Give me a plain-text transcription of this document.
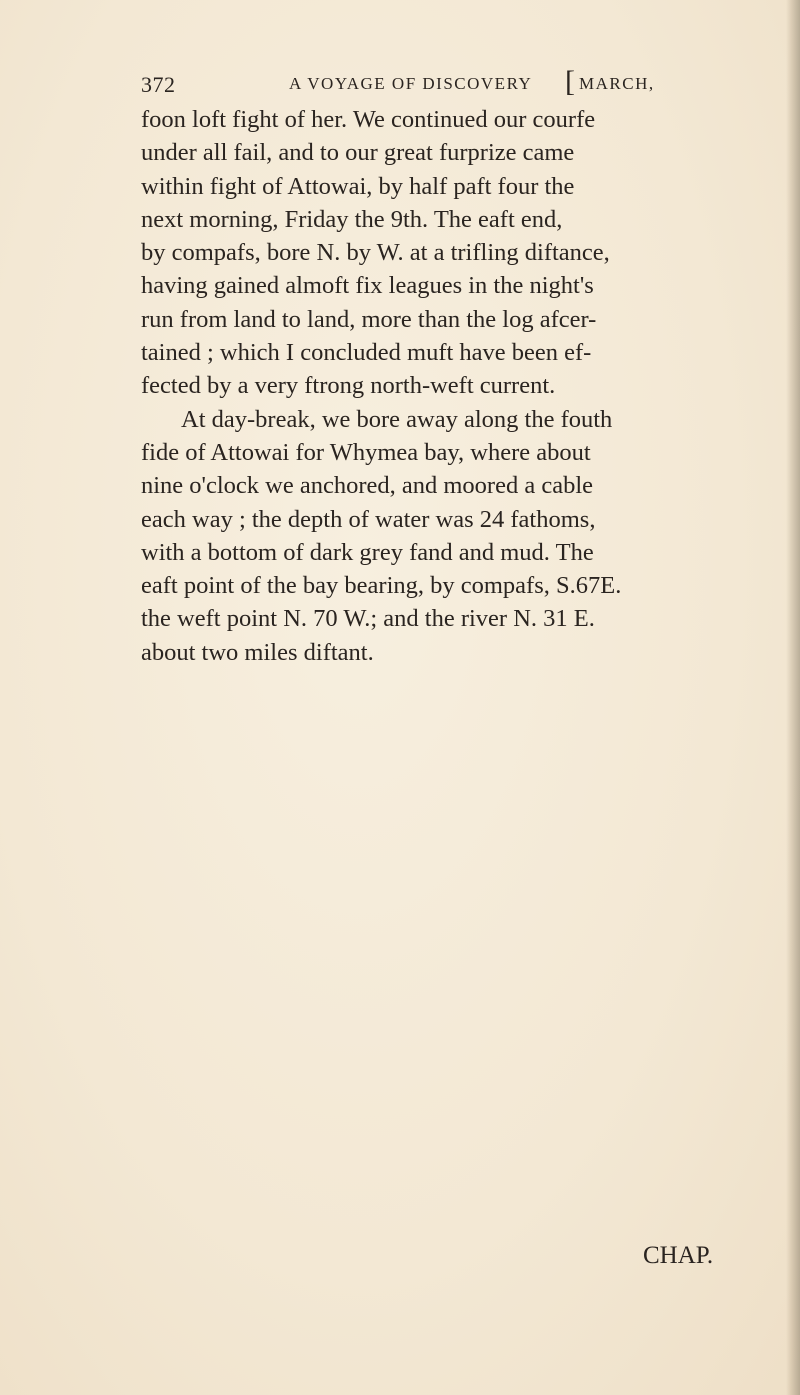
372	A VOYAGE OF DISCOVERY [ MARCH,
foon loft fight of her. We continued our courfe
under all fail, and to our great furprize came
within fight of Attowai, by half paft four the
next morning, Friday the 9th. The eaft end,
by compafs, bore N. by W. at a trifling diftance,
having gained almoft fix leagues in the night's
run from land to land, more than the log afcer-
tained ; which I concluded muft have been ef-
fected by a very ftrong north-weft current.
At day-break, we bore away along the fouth
fide of Attowai for Whymea bay, where about
nine o'clock we anchored, and moored a cable
each way ; the depth of water was 24 fathoms,
with a bottom of dark grey fand and mud. The
eaft point of the bay bearing, by compafs, S.67E.
the weft point N. 70 W.; and the river N. 31 E.
about two miles diftant.
CHAP.
